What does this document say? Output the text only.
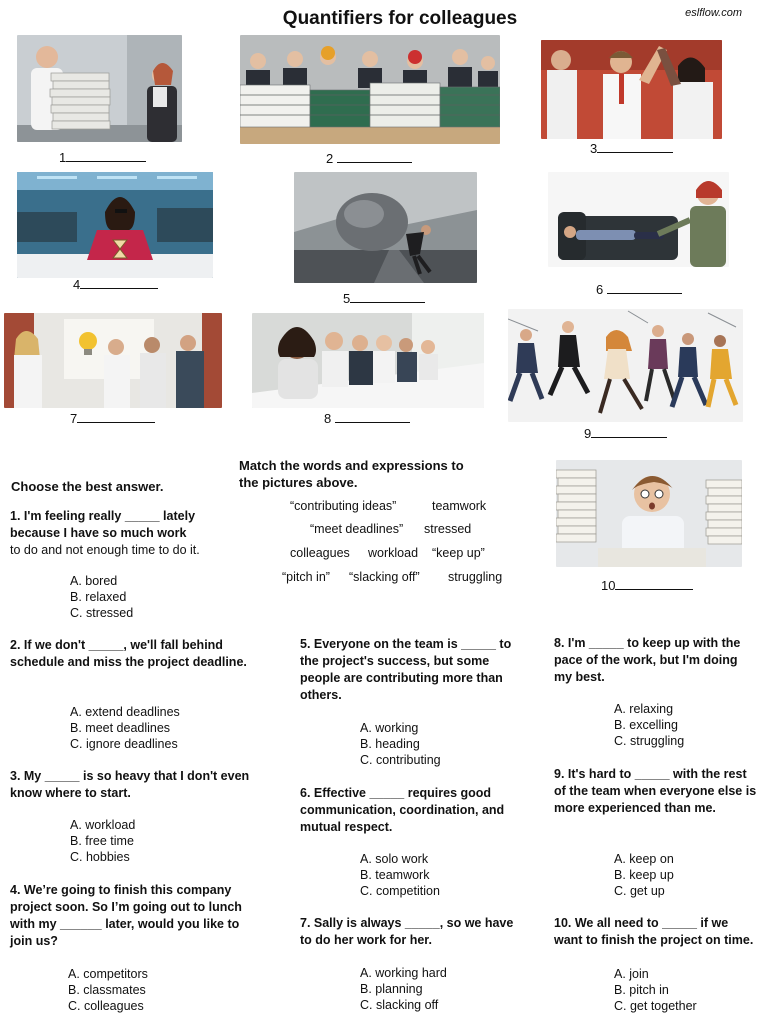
Quantifiers for colleagues	eslflow.com
1	2
3
4
5
6
7	8
9
10
Choose the best answer.
Match the words and expressions to
the pictures above.
“contributing ideas”	teamwork
“meet deadlines” stressed
colleagues workload “keep up”
“pitch in” “slacking off” struggling
1. I'm feeling really _____ lately because I have so much work
to do and not enough time to do it.
A. bored
B. relaxed
C. stressed
2. If we don't _____, we'll fall behind schedule and miss the project deadline.
A. extend deadlines
B. meet deadlines
C. ignore deadlines
3. My _____ is so heavy that I don't even know where to start.
A. workload
B. free time
C. hobbies
4. We’re going to finish this company project soon. So I’m going out to lunch with my ______ later, would you like to join us?
A. competitors
B. classmates
C. colleagues
5. Everyone on the team is _____ to the project's success, but some people are contributing more than others.
A. working
B. heading
C. contributing
6. Effective _____ requires good communication, coordination, and mutual respect.
A. solo work
B. teamwork
C. competition
7. Sally is always _____, so we have to do her work for her.
A. working hard
B. planning
C. slacking off
8. I'm _____ to keep up with the pace of the work, but I'm doing my best.
A. relaxing
B. excelling
C. struggling
9. It's hard to _____ with the rest of the team when everyone else is more experienced than me.
A. keep on
B. keep up
C. get up
10. We all need to _____ if we want to finish the project on time.
A. join
B. pitch in
C. get together
